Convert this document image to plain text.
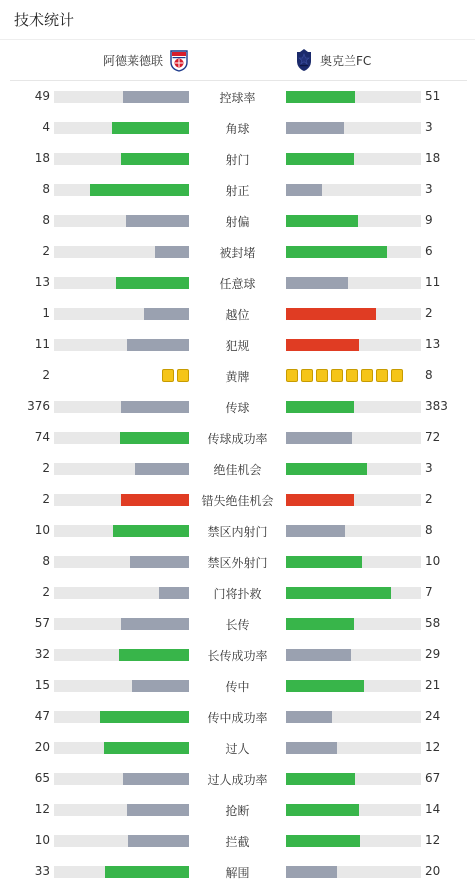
技术统计
阿德莱德联	奥克兰FC
49	控球率	51
4	角球	3
18	射门	18
8	射正	3
8	射偏	9
2	被封堵	6
13	任意球	11
1	越位	2
11	犯规	13
2	黄牌	8
376	传球	383
74	传球成功率	72
2	绝佳机会	3
2	错失绝佳机会	2
10	禁区内射门	8
8	禁区外射门	10
2	门将扑救	7
57	长传	58
32	长传成功率	29
15	传中	21
47	传中成功率	24
20	过人	12
65	过人成功率	67
12	抢断	14
10	拦截	12
33	解围	20
